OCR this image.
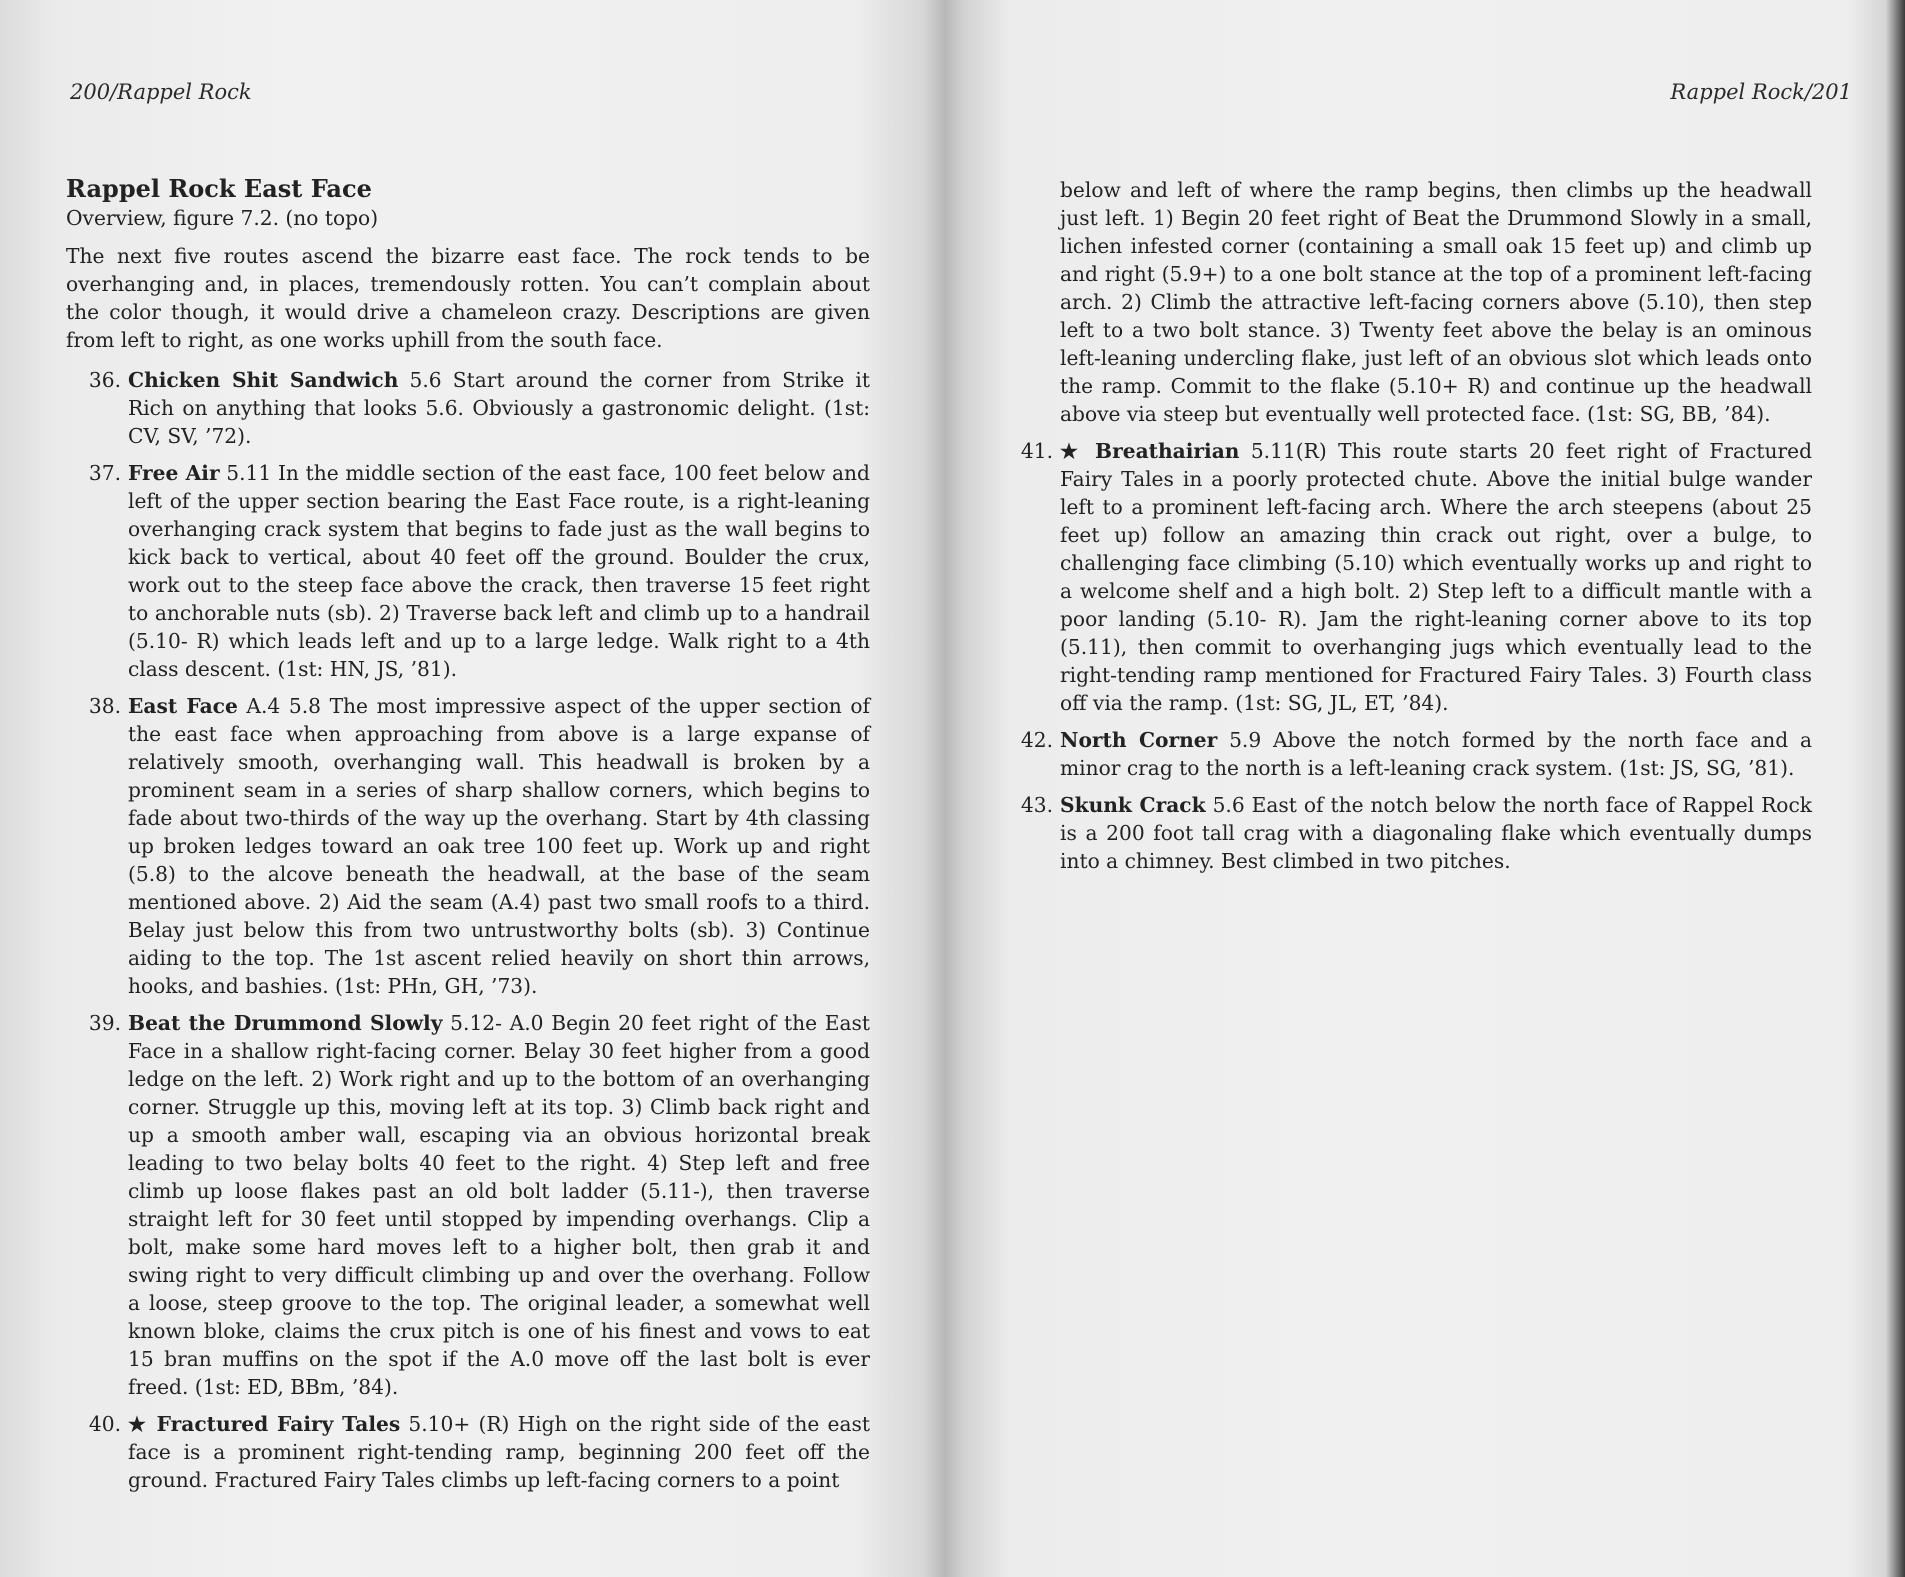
200/Rappel Rock
Rappel Rock East Face

Overview, figure 7.2. (no topo)

The next five routes ascend the bizarre east face. The rock tends to be overhanging and, in places, tremendously rotten. You can’t complain about the color though, it would drive a chameleon crazy. Descriptions are given from left to right, as one works uphill from the south face.

36. Chicken Shit Sandwich 5.6 Start around the corner from Strike it Rich on anything that looks 5.6. Obviously a gastronomic delight. (1st: CV, SV, ’72).
37. Free Air 5.11 In the middle section of the east face, 100 feet below and left of the upper section bearing the East Face route, is a right-leaning overhanging crack system that begins to fade just as the wall begins to kick back to vertical, about 40 feet off the ground. Boulder the crux, work out to the steep face above the crack, then traverse 15 feet right to anchorable nuts (sb). 2) Traverse back left and climb up to a handrail (5.10- R) which leads left and up to a large ledge. Walk right to a 4th class descent. (1st: HN, JS, ’81).
38. East Face A.4 5.8 The most impressive aspect of the upper section of the east face when approaching from above is a large expanse of relatively smooth, overhanging wall. This headwall is broken by a prominent seam in a series of sharp shallow corners, which begins to fade about two-thirds of the way up the overhang. Start by 4th classing up broken ledges toward an oak tree 100 feet up. Work up and right (5.8) to the alcove beneath the headwall, at the base of the seam mentioned above. 2) Aid the seam (A.4) past two small roofs to a third. Belay just below this from two untrustworthy bolts (sb). 3) Continue aiding to the top. The 1st ascent relied heavily on short thin arrows, hooks, and bashies. (1st: PHn, GH, ’73).
39. Beat the Drummond Slowly 5.12- A.0 Begin 20 feet right of the East Face in a shallow right-facing corner. Belay 30 feet higher from a good ledge on the left. 2) Work right and up to the bottom of an overhanging corner. Struggle up this, moving left at its top. 3) Climb back right and up a smooth amber wall, escaping via an obvious horizontal break leading to two belay bolts 40 feet to the right. 4) Step left and free climb up loose flakes past an old bolt ladder (5.11-), then traverse straight left for 30 feet until stopped by impending overhangs. Clip a bolt, make some hard moves left to a higher bolt, then grab it and swing right to very difficult climbing up and over the overhang. Follow a loose, steep groove to the top. The original leader, a somewhat well known bloke, claims the crux pitch is one of his finest and vows to eat 15 bran muffins on the spot if the A.0 move off the last bolt is ever freed. (1st: ED, BBm, ’84).
40. ★ Fractured Fairy Tales 5.10+ (R) High on the right side of the east face is a prominent right-tending ramp, beginning 200 feet off the ground. Fractured Fairy Tales climbs up left-facing corners to a point
Rappel Rock/201

below and left of where the ramp begins, then climbs up the headwall just left. 1) Begin 20 feet right of Beat the Drummond Slowly in a small, lichen infested corner (containing a small oak 15 feet up) and climb up and right (5.9+) to a one bolt stance at the top of a prominent left-facing arch. 2) Climb the attractive left-facing corners above (5.10), then step left to a two bolt stance. 3) Twenty feet above the belay is an ominous left-leaning undercling flake, just left of an obvious slot which leads onto the ramp. Commit to the flake (5.10+ R) and continue up the headwall above via steep but eventually well protected face. (1st: SG, BB, ’84).

41. ★ Breathairian 5.11(R) This route starts 20 feet right of Fractured Fairy Tales in a poorly protected chute. Above the initial bulge wander left to a prominent left-facing arch. Where the arch steepens (about 25 feet up) follow an amazing thin crack out right, over a bulge, to challenging face climbing (5.10) which eventually works up and right to a welcome shelf and a high bolt. 2) Step left to a difficult mantle with a poor landing (5.10- R). Jam the right-leaning corner above to its top (5.11), then commit to overhanging jugs which eventually lead to the right-tending ramp mentioned for Fractured Fairy Tales. 3) Fourth class off via the ramp. (1st: SG, JL, ET, ’84).
42. North Corner 5.9 Above the notch formed by the north face and a minor crag to the north is a left-leaning crack system. (1st: JS, SG, ’81).
43. Skunk Crack 5.6 East of the notch below the north face of Rappel Rock is a 200 foot tall crag with a diagonaling flake which eventually dumps into a chimney. Best climbed in two pitches.
